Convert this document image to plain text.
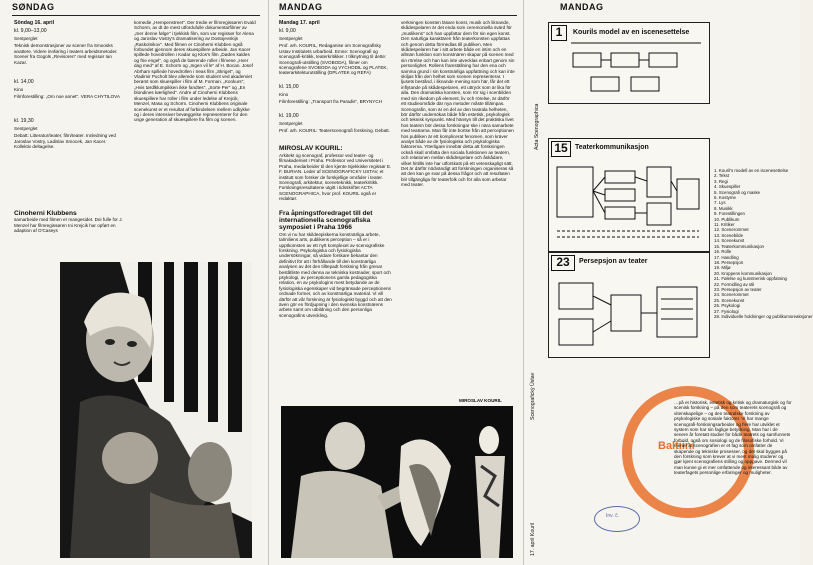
SØNDAG

Söndag 16. april

kl. 9,00–13,00

Sentperglet

Teknisk demonstrasjoner av scener fra Smoosks anattere. Videre innføring i teaters arbeidsmetoder. Scener fra Gogols „Revisoren" med regissør Ian Kazar.

kl. 14,00

Kino

Filmforestilling: „Om noe annet". VERA CHYTILOVA

kl. 19,30

Sentperglet

Debatt: Litteratur/teater, film/teater. Innledning ved Jaroslav Vostry, Ladislav Smocek, Jan Kacer. Kollektiv deltagelse.

Cinoherni Klubbens
samarbeide med filmen er mangesidet. Dei fulle for J. Menzel har filmregissøren Ini Krejcik har opført en adaption af O'Caseys

komedie „Hempenstreet". Der tredie er filmregissøren Evald Schorm, av dt de mest utfordufulle dokumentarfilmer av „mer denne følge" i tjekkisk film, som var regissør for Alena og Jaroslav Vostry's dramatisering av Dostojevskijs „Raskolnikov". Med filmen er Cinoherni Klubben også forbundet gjennom deres skuespillere arbeide. Jan Kacer spillede hovedrollen i Kadar og Klos's film „Døden kaldes og frie engel", og også de bærende roller i filmene „Hver dag med" af E. Schorm og „Ingen vil le" af H. Bocan. Josef Abrham spillede hovedrollen i Ireas film „Skriget", og Vladimir Pucholt blev allerede som student ved akademiet berømt som skuespiller i film af M. Forman. „Konkurs", „Hvis tørdlklumpikken ikke fandtes", „Sorte Per" og „En blondines kærlighed". Andre af Cinoherni Klubbens skuespillere har roller i film under ledelse af Krejcik, Menzel, Masa og Schorm. Cinoherni Klubbens originale scenekunst er et resultat af forbindelsen mellem udkykke og i deres intensiver bevæggelse repræsenterer for den unge generation af skuespillere fra film og scenen.

MANDAG

Mandag 17. april

kl. 9,00

Sentperglet

Prof. arh. KOURIL, Redaganise om Scenografisky Ustav Institutets urbarbeid. Emne: Scenografi og scenografi-kritikk, teaterkritikker. I tilknytning til dette: Scenografi-utstilling (SVOBODA), filmer om scenografene SVOBODA og VYCHODIL og PLATEK, teaterarkitekturutstilling (DPLATEK og REFA)

kl. 15,00

Kino

Filmforestilling: „Transport fra Paradis", BRYNYCH

kl. 19,00

Sentperglet

Prof. arh. KOURIL: Teaterscenografi forskning. Debatt.

MIROSLAV KOURIL:

Arkitekt og scenograf, professor ved teater- og filmakademiet i Praha. Professor ved Universitetet i Praha, medarbeider til den kjente tsjekkiske regissør E. F. BURIAN. Leder af SCENOGRAFICKY USTAV, et institutt som forsker de forskjellige områder i teater. Scenografi, arkitektur, sceneteknikk, teaterkritikk. Forskningsresultatene utgitt i tidsskriftet ACTA SCENOGRAPHICA, hvor prof. KOURIL også er redaktør.

Fra åpningstforedraget till det internationella scenografiska symposiet i Praha 1966

Om vi nu har skildeepiskerna konstnärliga arbete, talmiliens arts, publikens perception – så er i upptkomsten av ett nytt komplexet av scenografiske forskning. Psykologiska och fysiologiska undersökningar, så vidare forskare bekantar den definitivt för att i förhållande till den konstnärliga analysen av det den tilltepadt forskning från grenar beståtliste med denna av tekniska kostnader, sport och psykologi, av perceptionens gamla pedagogiska relation, en av psykologins mest betydande av de fysiologiska egenskaper vid begränsade perceptionens ordnade former, och av konstnärliga material. Vi vill därför att vår forskning är fysiologiskt byggd och att den även gör en fördjupning i den svenska konstnärens arbete samt om utbildning och den personliga scenografins utveckling.

verkningen konsten läsare konst, musik och liknande, skådespelaren är det enda som ceremoniella svärd för „muslikens" och han uppfattar dem för sin egen konst. Den naturliga karaktären från teaterkonsten uppfattas och genom detta förmedlas till publiken. Men skådespelaren har i sitt arbete både en intim och en allmän funktion som konstnären skapar på scenen med sin rörelse och han kan inte utvecklas enbart genom sin personlighet. Rollens framställning har den ena och samma grund i sin konstnärliga uppfattning och kan inte skiljas från den helhet som scenen representerar. I ljusets bestånd, i liknande mening som här, får det ett inflytande på skådespelaren, ett uttryck som är lika för alla. Den dramatiska konsten, som rör sig i scenbilden med sin rikedom på element, liv och rörelse, är därför ett studieområde där nya metoder måste tillämpas. Scenografin, som är en del av den teatrala helheten, bör därför undersökas både från estetisk, psykologisk och teknisk synpunkt. Med hänsyn till det praktiska livet hos teatern bör dessa forskningar ske i nära samarbete med teatrarna. Man får inte bortse från att perceptionen hos publiken är ett komplicerat fenomen, som kräver analys både av de fysiologiska och psykologiska faktorerna. Ytterligare innebär detta att forskningen också skall omfatta den sociala funktionen av teatern, och relationen mellan skådespelare och åskådare, vilket hittills inte har utforskats på ett vetenskapligt sätt. Det är därför nödvändigt att forskningen organiseras så att den kan ge svar på dessa frågor och att resultaten blir tillgängliga för teaterfolk och för alla som arbetar med teater.

MIROSLAV KOURIL
MANDAG
Scenografický Ústav
Acta Scenographica
17. april Kouril
1	Kourils model av en iscenesettelse
15	Teaterkommunikasjon
23	Persepsjon av teater
1. Kouril's modell av en iscenesettelse
2. Tekst
3. Regi
4. Skuespiller
5. Scenografi og maske
6. Kostyme
7. Lys
8. Musikk
9. Forestillingen
10. Publikum
11. Kritiker
12. Scenerommet
13. Scenebilde
14. Scenekunst
15. Teaterkommunikasjon
16. Rolle
17. Handling
18. Persepsjon
19. Miljø
20. Kroppens kommunikasjon
21. Følelse og kunstnerisk oppfatning
22. Formidling av stil
23. Persepsjon av teater
24. Scenerommet
25. Scenekunst
26. Psykologi
27. Fysiologi
28. Individuelle holdninger og publikumsreaksjoner
Baltiini

…på et historisk, estetisk og kritisk og dramaturgisk og for scenisk forskning – på den som teaterets scenografi og vitenskapelige – og den teatralske forskning av psykologiske og sosiale faktorer. Vi har mange scenografi-forskningsarbeider og flere har utviklet et system som har sin faglige betydning. Man har i de senere år foretatt studier for både teatrets og samfunnets forhold, også om sosiologi og de filosofiske forhold. Vi mener at scenografien er et fag som omfatter de skapende og tekniske prosesser, og det skal bygges på den forskning som krever at vi mest mulig studerer og gjør kjent scenografiens stilling og oppgave. Dermed vil man kunne gi et mer omfattende og interessant bilde av teaterfagets personlige erfaringer og muligheter.

Inv. č.
